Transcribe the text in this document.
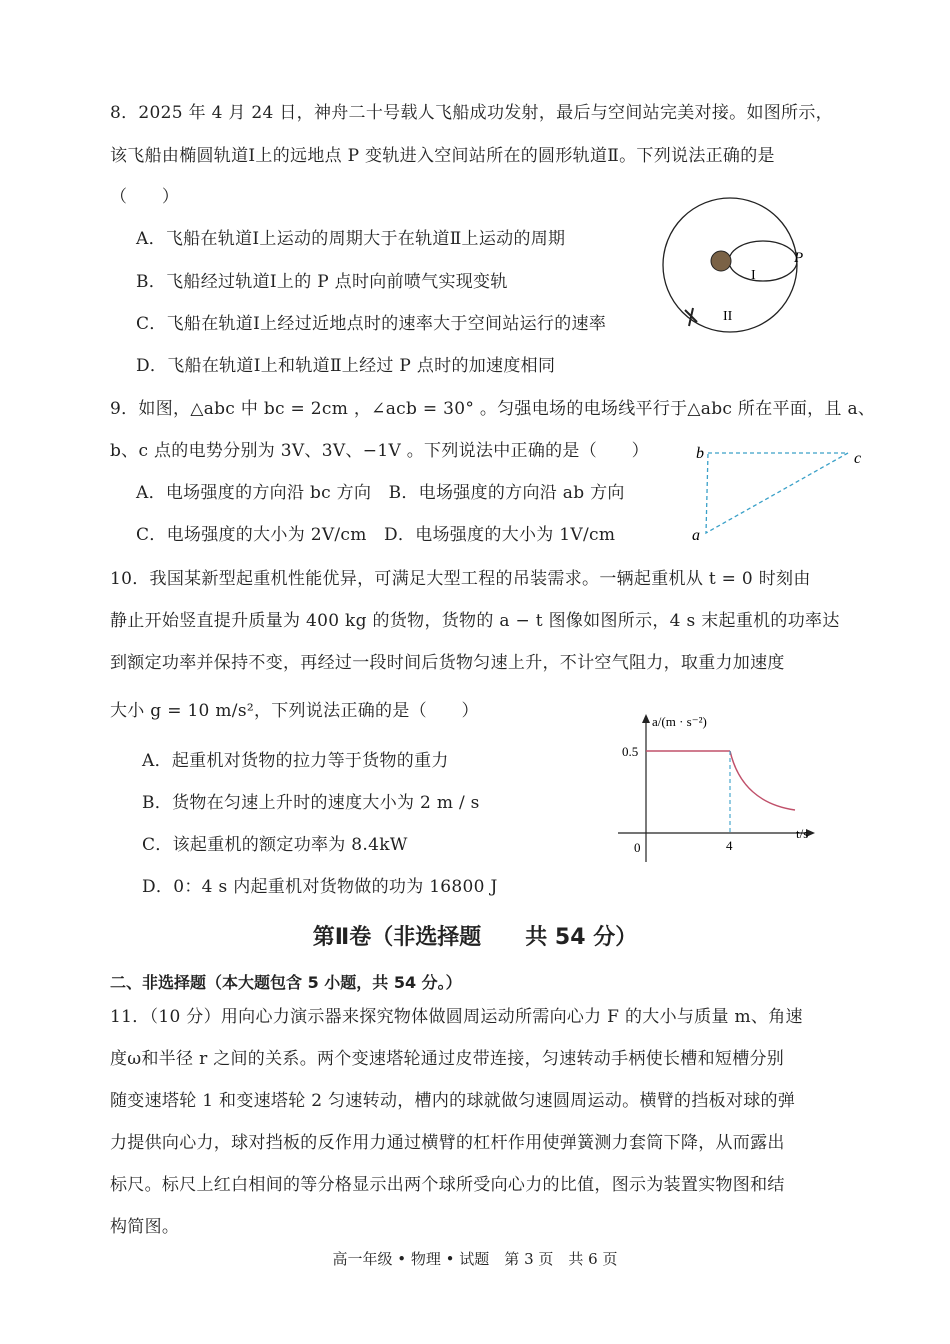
8．2025 年 4 月 24 日，神舟二十号载人飞船成功发射，最后与空间站完美对接。如图所示，
该飞船由椭圆轨道Ⅰ上的远地点 P 变轨进入空间站所在的圆形轨道Ⅱ。下列说法正确的是
（　　）
A．飞船在轨道Ⅰ上运动的周期大于在轨道Ⅱ上运动的周期
B．飞船经过轨道Ⅰ上的 P 点时向前喷气实现变轨
C．飞船在轨道Ⅰ上经过近地点时的速率大于空间站运行的速率
D．飞船在轨道Ⅰ上和轨道Ⅱ上经过 P 点时的加速度相同
P
I
II
9．如图，△abc 中 bc = 2cm ，∠acb = 30° 。匀强电场的电场线平行于△abc 所在平面，且 a、
b、c 点的电势分别为 3V、3V、−1V 。下列说法中正确的是（　　）
A．电场强度的方向沿 bc 方向　B．电场强度的方向沿 ab 方向
C．电场强度的大小为 2V/cm　D．电场强度的大小为 1V/cm
b	c
a
10．我国某新型起重机性能优异，可满足大型工程的吊装需求。一辆起重机从 t = 0 时刻由
静止开始竖直提升质量为 400 kg 的货物，货物的 a − t 图像如图所示，4 s 末起重机的功率达
到额定功率并保持不变，再经过一段时间后货物匀速上升，不计空气阻力，取重力加速度
大小 g = 10 m/s²，下列说法正确的是（　　）
A．起重机对货物的拉力等于货物的重力
B．货物在匀速上升时的速度大小为 2 m / s
C．该起重机的额定功率为 8.4kW
D．0：4 s 内起重机对货物做的功为 16800 J
a/(m · s⁻²)
t/s
0.5
4
0
第Ⅱ卷（非选择题　　共 54 分）
二、非选择题（本大题包含 5 小题，共 54 分。）
11．（10 分）用向心力演示器来探究物体做圆周运动所需向心力 F 的大小与质量 m、角速
度ω和半径 r 之间的关系。两个变速塔轮通过皮带连接，匀速转动手柄使长槽和短槽分别
随变速塔轮 1 和变速塔轮 2 匀速转动，槽内的球就做匀速圆周运动。横臂的挡板对球的弹
力提供向心力，球对挡板的反作用力通过横臂的杠杆作用使弹簧测力套筒下降，从而露出
标尺。标尺上红白相间的等分格显示出两个球所受向心力的比值，图示为装置实物图和结
构简图。
高一年级 • 物理 • 试题　第 3 页　共 6 页
